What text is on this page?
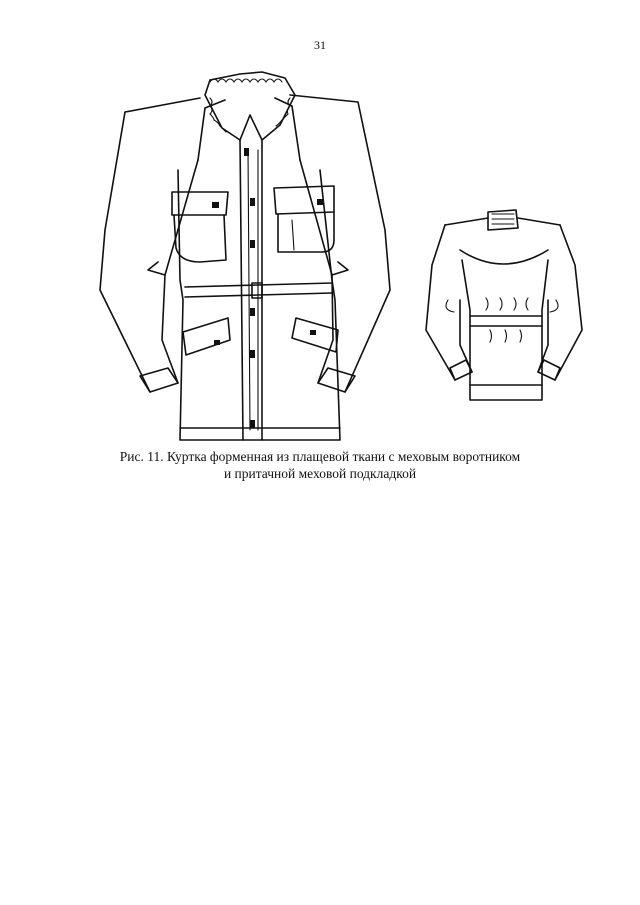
31
Рис. 11. Куртка форменная из плащевой ткани с меховым воротником
и притачной меховой подкладкой
